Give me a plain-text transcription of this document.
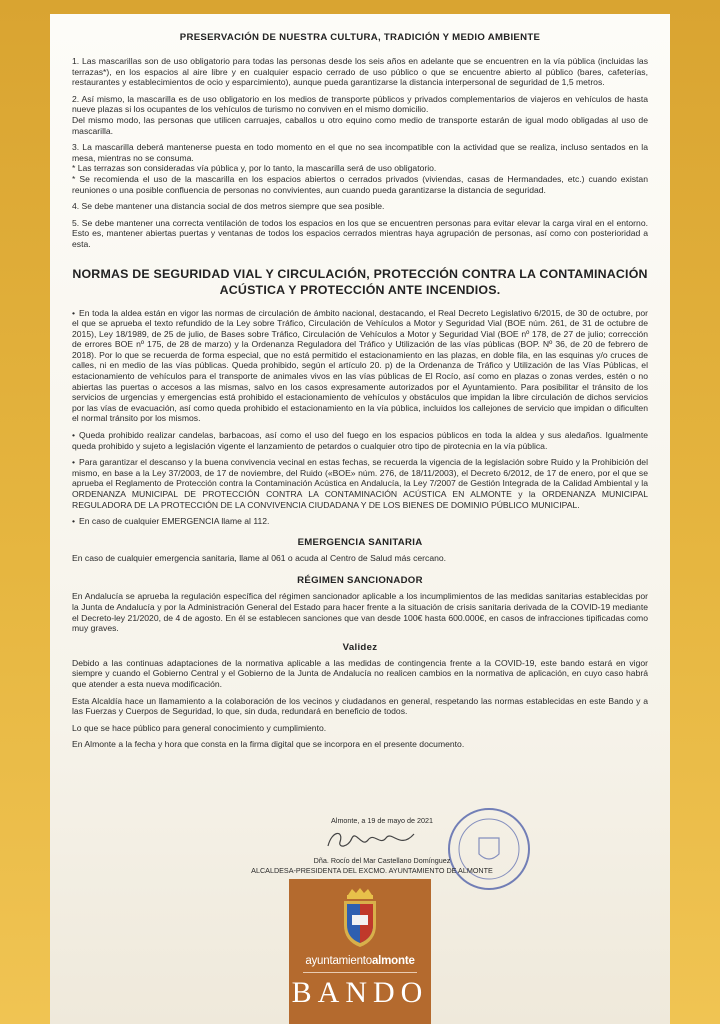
PRESERVACIÓN DE NUESTRA CULTURA, TRADICIÓN Y MEDIO AMBIENTE

1. Las mascarillas son de uso obligatorio para todas las personas desde los seis años en adelante que se encuentren en la vía pública (incluidas las terrazas*), en los espacios al aire libre y en cualquier espacio cerrado de uso público o que se encuentre abierto al público (bares, cafeterías, restaurantes y establecimientos de ocio y esparcimiento), aunque pueda garantizarse la distancia interpersonal de seguridad de 1,5 metros.

2. Así mismo, la mascarilla es de uso obligatorio en los medios de transporte públicos y privados complementarios de viajeros en vehículos de hasta nueve plazas si los ocupantes de los vehículos de turismo no conviven en el mismo domicilio.

Del mismo modo, las personas que utilicen carruajes, caballos u otro equino como medio de transporte estarán de igual modo obligadas al uso de mascarilla.

3. La mascarilla deberá mantenerse puesta en todo momento en el que no sea incompatible con la actividad que se realiza, incluso sentados en la mesa, mientras no se consuma.

* Las terrazas son consideradas vía pública y, por lo tanto, la mascarilla será de uso obligatorio.

* Se recomienda el uso de la mascarilla en los espacios abiertos o cerrados privados (viviendas, casas de Hermandades, etc.) cuando existan reuniones o una posible confluencia de personas no convivientes, aun cuando pueda garantizarse la distancia de seguridad.

4. Se debe mantener una distancia social de dos metros siempre que sea posible.

5. Se debe mantener una correcta ventilación de todos los espacios en los que se encuentren personas para evitar elevar la carga viral en el entorno. Esto es, mantener abiertas puertas y ventanas de todos los espacios cerrados mientras haya agrupación de personas, así como con posterioridad a esta.

NORMAS DE SEGURIDAD VIAL Y CIRCULACIÓN, PROTECCIÓN CONTRA LA CONTAMINACIÓN ACÚSTICA Y PROTECCIÓN ANTE INCENDIOS.
• En toda la aldea están en vigor las normas de circulación de ámbito nacional, destacando, el Real Decreto Legislativo 6/2015, de 30 de octubre, por el que se aprueba el texto refundido de la Ley sobre Tráfico, Circulación de Vehículos a Motor y Seguridad Vial (BOE núm. 261, de 31 de octubre de 2015), Ley 18/1989, de 25 de julio, de Bases sobre Tráfico, Circulación de Vehículos a Motor y Seguridad Vial (BOE nº 178, de 27 de julio; corrección de errores BOE nº 175, de 28 de marzo) y la Ordenanza Reguladora del Tráfico y Utilización de las vías públicas (BOP. Nº 36, de 20 de febrero de 2018). Por lo que se recuerda de forma especial, que no está permitido el estacionamiento en las plazas, en doble fila, en las esquinas y/o cruces de calles, ni en medio de las vías públicas. Queda prohibido, según el artículo 20. p) de la Ordenanza de Tráfico y Utilización de las Vías Públicas, el estacionamiento de vehículos para el transporte de animales vivos en las vías públicas de El Rocío, así como en plazas o zonas verdes, estén o no abiertas las puertas o accesos a las mismas, salvo en los casos expresamente autorizados por el Ayuntamiento. Para posibilitar el tránsito de los servicios de urgencias y emergencias está prohibido el estacionamiento de vehículos y obstáculos que impidan la libre circulación de dichos servicios por las vías de evacuación, así como queda prohibido el estacionamiento en la vía pública, incluidos los callejones de servicio que impidan o dificulten el normal tránsito por los mismos.
• Queda prohibido realizar candelas, barbacoas, así como el uso del fuego en los espacios públicos en toda la aldea y sus aledaños. Igualmente queda prohibido y sujeto a legislación vigente el lanzamiento de petardos o cualquier otro tipo de pirotecnia en la vía pública.
• Para garantizar el descanso y la buena convivencia vecinal en estas fechas, se recuerda la vigencia de la legislación sobre Ruido y la Prohibición del mismo, en base a la Ley 37/2003, de 17 de noviembre, del Ruido («BOE» núm. 276, de 18/11/2003), el Decreto 6/2012, de 17 de enero, por el que se aprueba el Reglamento de Protección contra la Contaminación Acústica en Andalucía, la Ley 7/2007 de Gestión Integrada de la Calidad Ambiental y la ORDENANZA MUNICIPAL DE PROTECCIÓN CONTRA LA CONTAMINACIÓN ACÚSTICA EN ALMONTE y la ORDENANZA MUNICIPAL REGULADORA DE LA PROTECCIÓN DE LA CONVIVENCIA CIUDADANA Y DE LOS BIENES DE DOMINIO PÚBLICO MUNICIPAL.
• En caso de cualquier EMERGENCIA llame al 112.
EMERGENCIA SANITARIA

En caso de cualquier emergencia sanitaria, llame al 061 o acuda al Centro de Salud más cercano.

RÉGIMEN SANCIONADOR

En Andalucía se aprueba la regulación específica del régimen sancionador aplicable a los incumplimientos de las medidas sanitarias establecidas por la Junta de Andalucía y por la Administración General del Estado para hacer frente a la situación de crisis sanitaria derivada de la COVID-19 mediante el Decreto-ley 21/2020, de 4 de agosto. En él se establecen sanciones que van desde 100€ hasta 600.000€, en casos de infracciones tipificadas como muy graves.

Validez

Debido a las continuas adaptaciones de la normativa aplicable a las medidas de contingencia frente a la COVID-19, este bando estará en vigor siempre y cuando el Gobierno Central y el Gobierno de la Junta de Andalucía no realicen cambios en la normativa de aplicación, en cuyo caso habrá que atender a esta nueva modificación.

Esta Alcaldía hace un llamamiento a la colaboración de los vecinos y ciudadanos en general, respetando las normas establecidas en este Bando y a las Fuerzas y Cuerpos de Seguridad, lo que, sin duda, redundará en beneficio de todos.

Lo que se hace público para general conocimiento y cumplimiento.

En Almonte a la fecha y hora que consta en la firma digital que se incorpora en el presente documento.

Almonte, a 19 de mayo de 2021
Dña. Rocío del Mar Castellano Domínguez
ALCALDESA-PRESIDENTA DEL EXCMO. AYUNTAMIENTO DE ALMONTE
ayuntamientoalmonte
BANDO
